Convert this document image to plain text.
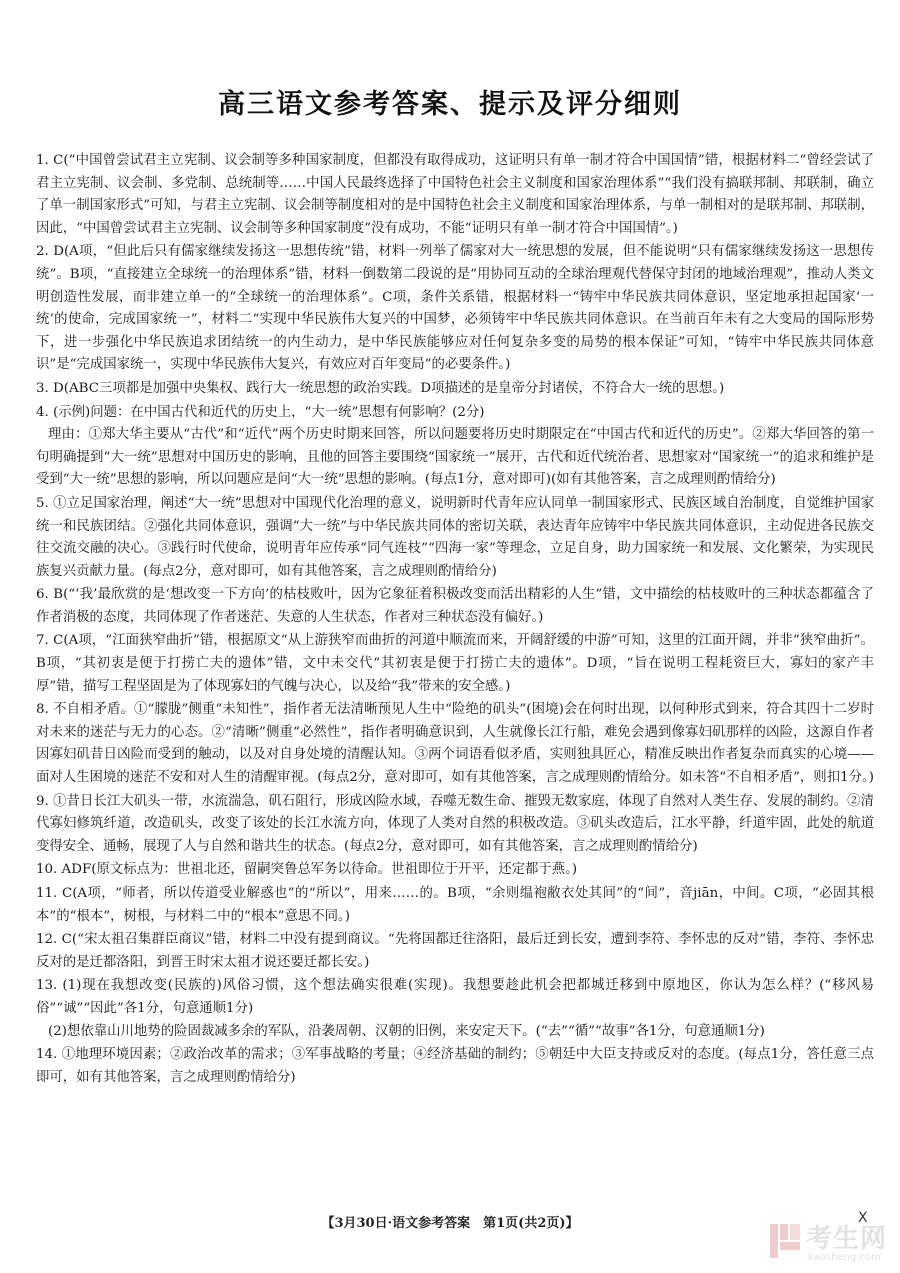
高三语文参考答案、提示及评分细则

1. C(“中国曾尝试君主立宪制、议会制等多种国家制度，但都没有取得成功，这证明只有单一制才符合中国国情”错，根据材料二“曾经尝试了君主立宪制、议会制、多党制、总统制等……中国人民最终选择了中国特色社会主义制度和国家治理体系”“我们没有搞联邦制、邦联制，确立了单一制国家形式”可知，与君主立宪制、议会制等制度相对的是中国特色社会主义制度和国家治理体系，与单一制相对的是联邦制、邦联制，因此，“中国曾尝试君主立宪制、议会制等多种国家制度”没有成功，不能“证明只有单一制才符合中国国情”。)

2. D(A项，“但此后只有儒家继续发扬这一思想传统”错，材料一列举了儒家对大一统思想的发展，但不能说明“只有儒家继续发扬这一思想传统”。B项，“直接建立全球统一的治理体系”错，材料一倒数第二段说的是“用协同互动的全球治理观代替保守封闭的地域治理观”，推动人类文明创造性发展，而非建立单一的“全球统一的治理体系”。C项，条件关系错，根据材料一“铸牢中华民族共同体意识，坚定地承担起国家‘一统’的使命，完成国家统一”，材料二“实现中华民族伟大复兴的中国梦，必须铸牢中华民族共同体意识。在当前百年未有之大变局的国际形势下，进一步强化中华民族追求团结统一的内生动力，是中华民族能够应对任何复杂多变的局势的根本保证”可知，“铸牢中华民族共同体意识”是“完成国家统一，实现中华民族伟大复兴，有效应对百年变局”的必要条件。)

3. D(ABC三项都是加强中央集权、践行大一统思想的政治实践。D项描述的是皇帝分封诸侯，不符合大一统的思想。)

4. (示例)问题：在中国古代和近代的历史上，“大一统”思想有何影响？(2分)

理由：①郑大华主要从“古代”和“近代”两个历史时期来回答，所以问题要将历史时期限定在“中国古代和近代的历史”。②郑大华回答的第一句明确提到“大一统”思想对中国历史的影响，且他的回答主要围绕“国家统一”展开，古代和近代统治者、思想家对“国家统一”的追求和维护是受到“大一统”思想的影响，所以问题应是问“大一统”思想的影响。(每点1分，意对即可)(如有其他答案，言之成理则酌情给分)

5. ①立足国家治理，阐述“大一统”思想对中国现代化治理的意义，说明新时代青年应认同单一制国家形式、民族区域自治制度，自觉维护国家统一和民族团结。②强化共同体意识，强调“大一统”与中华民族共同体的密切关联，表达青年应铸牢中华民族共同体意识，主动促进各民族交往交流交融的决心。③践行时代使命，说明青年应传承“同气连枝”“四海一家”等理念，立足自身，助力国家统一和发展、文化繁荣，为实现民族复兴贡献力量。(每点2分，意对即可，如有其他答案，言之成理则酌情给分)

6. B(“‘我’最欣赏的是‘想改变一下方向’的枯枝败叶，因为它象征着积极改变而活出精彩的人生”错，文中描绘的枯枝败叶的三种状态都蕴含了作者消极的态度，共同体现了作者迷茫、失意的人生状态，作者对三种状态没有偏好。)

7. C(A项，“江面狭窄曲折”错，根据原文“从上游狭窄而曲折的河道中顺流而来，开阔舒缓的中游”可知，这里的江面开阔，并非“狭窄曲折”。B项，“其初衷是便于打捞亡夫的遗体”错，文中未交代“其初衷是便于打捞亡夫的遗体”。D项，“旨在说明工程耗资巨大，寡妇的家产丰厚”错，描写工程坚固是为了体现寡妇的气魄与决心，以及给“我”带来的安全感。)

8. 不自相矛盾。①“朦胧”侧重“未知性”，指作者无法清晰预见人生中“险绝的矶头”(困境)会在何时出现，以何种形式到来，符合其四十二岁时对未来的迷茫与无力的心态。②“清晰”侧重“必然性”，指作者明确意识到，人生就像长江行船，难免会遇到像寡妇矶那样的凶险，这源自作者因寡妇矶昔日凶险而受到的触动，以及对自身处境的清醒认知。③两个词语看似矛盾，实则独具匠心，精准反映出作者复杂而真实的心境——面对人生困境的迷茫不安和对人生的清醒审视。(每点2分，意对即可，如有其他答案，言之成理则酌情给分。如未答“不自相矛盾”，则扣1分。)

9. ①昔日长江大矶头一带，水流湍急，矶石阻行，形成凶险水域，吞噬无数生命、摧毁无数家庭，体现了自然对人类生存、发展的制约。②清代寡妇修筑纤道，改造矶头，改变了该处的长江水流方向，体现了人类对自然的积极改造。③矶头改造后，江水平静，纤道牢固，此处的航道变得安全、通畅，展现了人与自然和谐共生的状态。(每点2分，意对即可，如有其他答案，言之成理则酌情给分)

10. ADF(原文标点为：世祖北还，留嗣突鲁总军务以待命。世祖即位于开平，还定都于燕。)

11. C(A项，“师者，所以传道受业解惑也”的“所以”，用来……的。B项，“余则缊袍敝衣处其间”的“间”，音jiān，中间。C项，“必固其根本”的“根本”，树根，与材料二中的“根本”意思不同。)

12. C(“宋太祖召集群臣商议”错，材料二中没有提到商议。“先将国都迁往洛阳，最后迁到长安，遭到李符、李怀忠的反对”错，李符、李怀忠反对的是迁都洛阳，到晋王时宋太祖才说还要迁都长安。)

13. (1)现在我想改变(民族的)风俗习惯，这个想法确实很难(实现)。我想要趁此机会把都城迁移到中原地区，你认为怎么样？(“移风易俗”“诚”“因此”各1分，句意通顺1分)

(2)想依靠山川地势的险固裁减多余的军队，沿袭周朝、汉朝的旧例，来安定天下。(“去”“循”“故事”各1分，句意通顺1分)

14. ①地理环境因素；②政治改革的需求；③军事战略的考量；④经济基础的制约；⑤朝廷中大臣支持或反对的态度。(每点1分，答任意三点即可，如有其他答案，言之成理则酌情给分)

【3月30日·语文参考答案　第1页(共2页)】	X
考生网
kaosheng.com
